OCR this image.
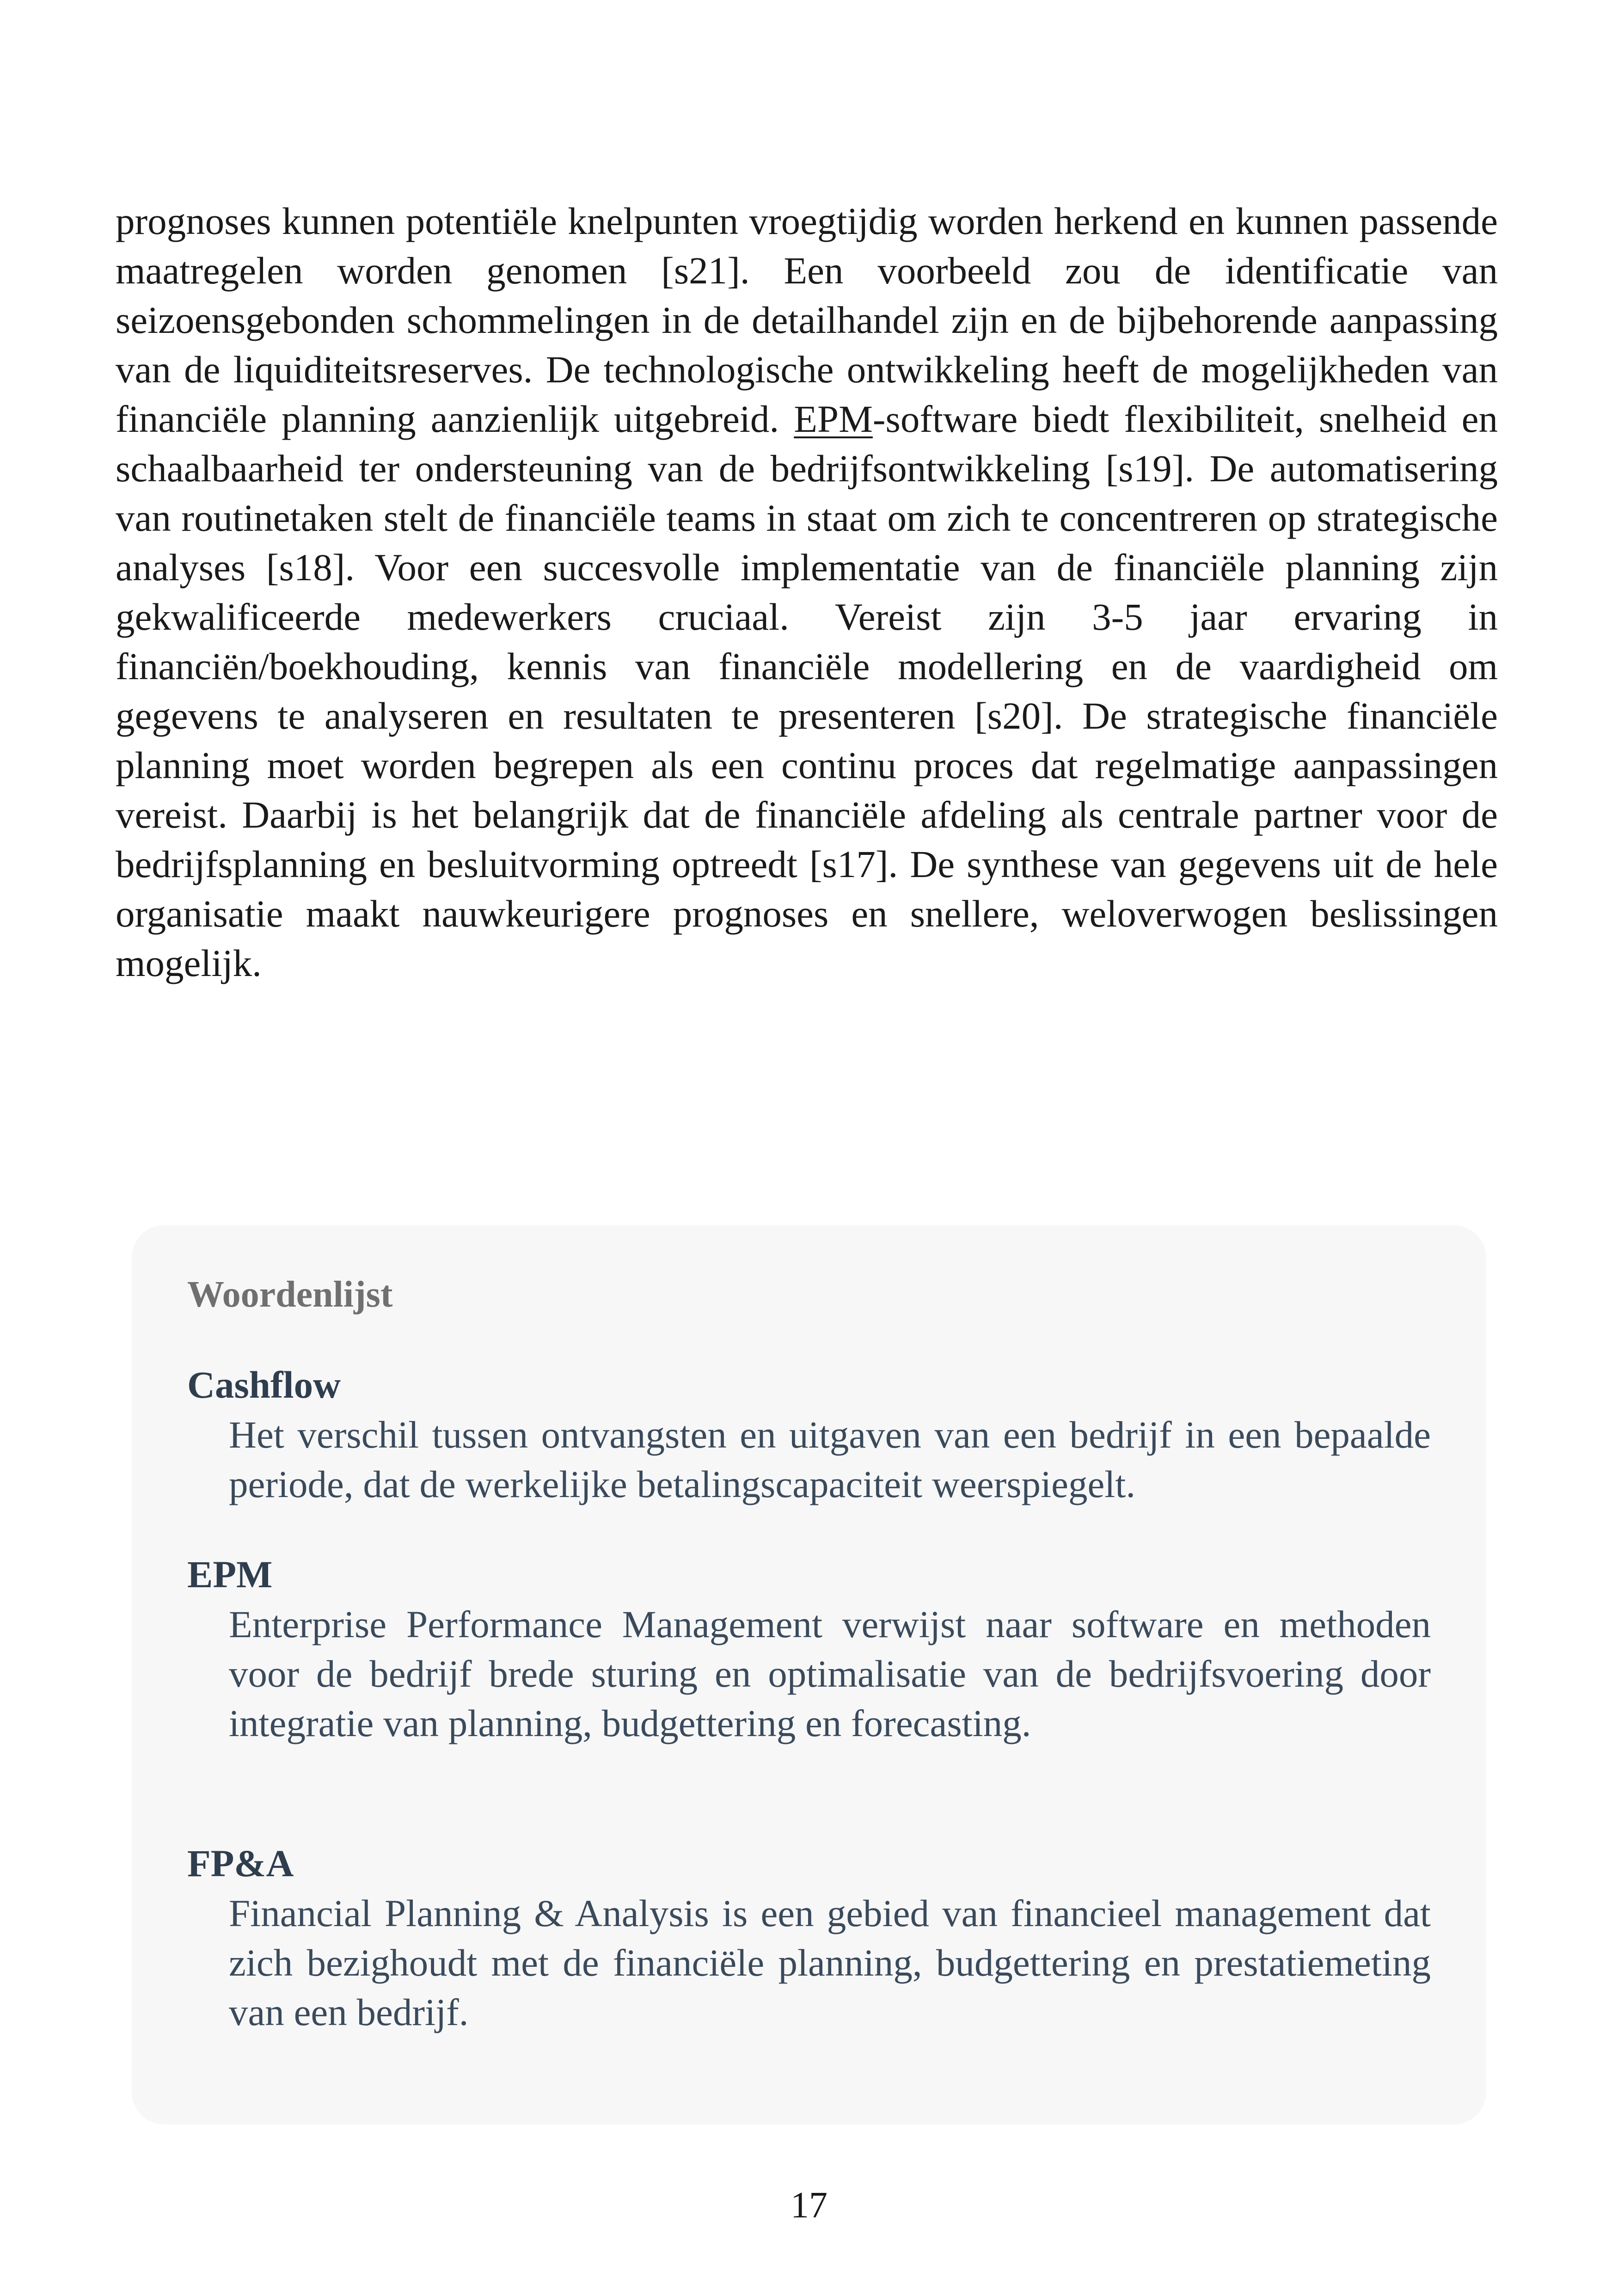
prognoses kunnen potentiële knelpunten vroegtijdig worden herkend en kunnen passende maatregelen worden genomen [s21]. Een voorbeeld zou de identificatie van seizoensgebonden schommelingen in de detailhandel zijn en de bijbehorende aanpassing van de liquiditeitsreserves. De technologische ontwikkeling heeft de mogelijkheden van financiële planning aanzienlijk uitgebreid. EPM-software biedt flexibiliteit, snelheid en schaalbaarheid ter ondersteuning van de bedrijfsontwikkeling [s19]. De automatisering van routinetaken stelt de financiële teams in staat om zich te concentreren op strategische analyses [s18]. Voor een succesvolle implementatie van de financiële planning zijn gekwalificeerde medewerkers cruciaal. Vereist zijn 3-5 jaar ervaring in financiën/boekhouding, kennis van financiële modellering en de vaardigheid om gegevens te analyseren en resultaten te presenteren [s20]. De strategische financiële planning moet worden begrepen als een continu proces dat regelmatige aanpassingen vereist. Daarbij is het belangrijk dat de financiële afdeling als centrale partner voor de bedrijfsplanning en besluitvorming optreedt [s17]. De synthese van gegevens uit de hele organisatie maakt nauwkeurigere prognoses en snellere, weloverwogen beslissingen mogelijk.
Woordenlijst
Cashflow
Het verschil tussen ontvangsten en uitgaven van een bedrijf in een bepaalde periode, dat de werkelijke betalingscapaciteit weerspiegelt.
EPM
Enterprise Performance Management verwijst naar software en methoden voor de bedrijf brede sturing en optimalisatie van de bedrijfsvoering door integratie van planning, budgettering en forecasting.
FP&A
Financial Planning & Analysis is een gebied van financieel management dat zich bezighoudt met de financiële planning, budgettering en prestatiemeting van een bedrijf.
17
